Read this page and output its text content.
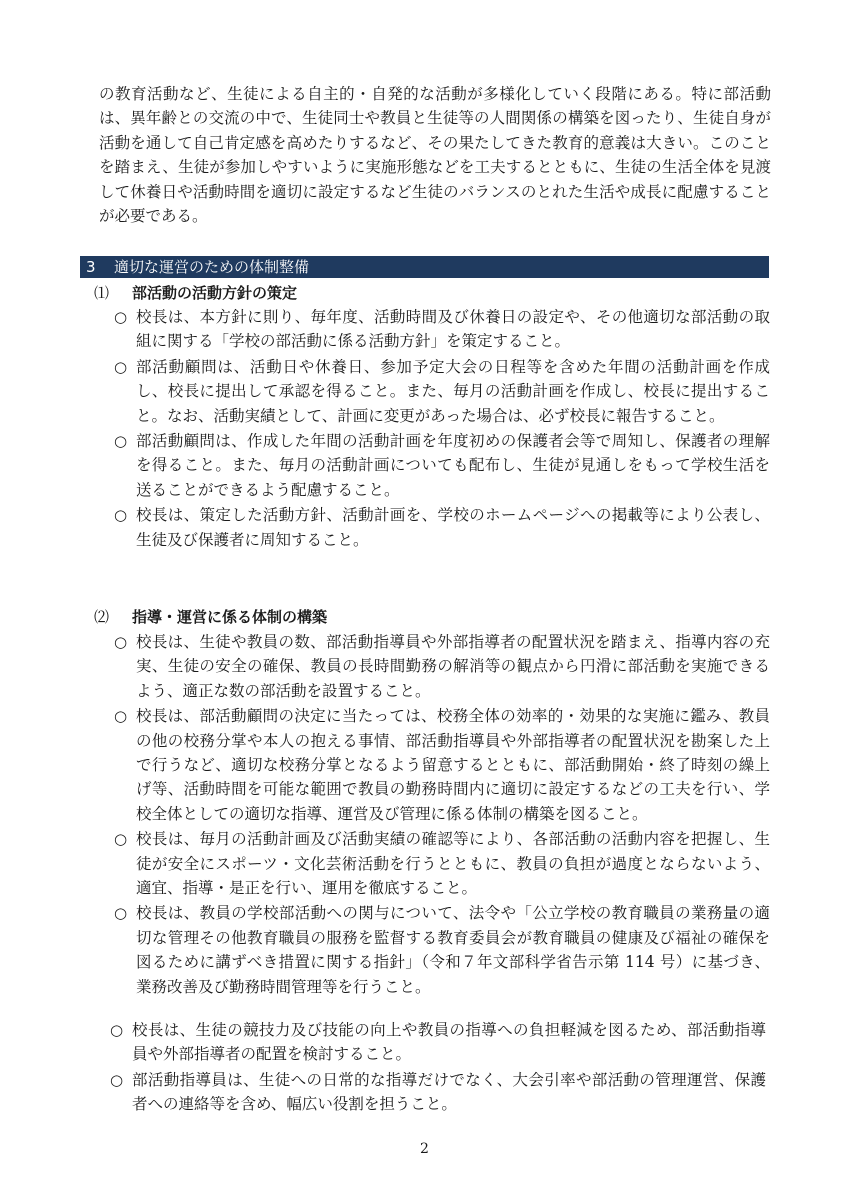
の教育活動など、生徒による自主的・自発的な活動が多様化していく段階にある。特に部活動は、異年齢との交流の中で、生徒同士や教員と生徒等の人間関係の構築を図ったり、生徒自身が活動を通して自己肯定感を高めたりするなど、その果たしてきた教育的意義は大きい。このことを踏まえ、生徒が参加しやすいように実施形態などを工夫するとともに、生徒の生活全体を見渡して休養日や活動時間を適切に設定するなど生徒のバランスのとれた生活や成長に配慮することが必要である。

3 適切な運営のための体制整備
⑴ 部活動の活動方針の策定
○ 校長は、本方針に則り、毎年度、活動時間及び休養日の設定や、その他適切な部活動の取組に関する「学校の部活動に係る活動方針」を策定すること。
○ 部活動顧問は、活動日や休養日、参加予定大会の日程等を含めた年間の活動計画を作成し、校長に提出して承認を得ること。また、毎月の活動計画を作成し、校長に提出すること。なお、活動実績として、計画に変更があった場合は、必ず校長に報告すること。
○ 部活動顧問は、作成した年間の活動計画を年度初めの保護者会等で周知し、保護者の理解を得ること。また、毎月の活動計画についても配布し、生徒が見通しをもって学校生活を送ることができるよう配慮すること。
○ 校長は、策定した活動方針、活動計画を、学校のホームページへの掲載等により公表し、生徒及び保護者に周知すること。
⑵ 指導・運営に係る体制の構築
○ 校長は、生徒や教員の数、部活動指導員や外部指導者の配置状況を踏まえ、指導内容の充実、生徒の安全の確保、教員の長時間勤務の解消等の観点から円滑に部活動を実施できるよう、適正な数の部活動を設置すること。
○ 校長は、部活動顧問の決定に当たっては、校務全体の効率的・効果的な実施に鑑み、教員の他の校務分掌や本人の抱える事情、部活動指導員や外部指導者の配置状況を勘案した上で行うなど、適切な校務分掌となるよう留意するとともに、部活動開始・終了時刻の繰上げ等、活動時間を可能な範囲で教員の勤務時間内に適切に設定するなどの工夫を行い、学校全体としての適切な指導、運営及び管理に係る体制の構築を図ること。
○ 校長は、毎月の活動計画及び活動実績の確認等により、各部活動の活動内容を把握し、生徒が安全にスポーツ・文化芸術活動を行うとともに、教員の負担が過度とならないよう、適宜、指導・是正を行い、運用を徹底すること。
○ 校長は、教員の学校部活動への関与について、法令や「公立学校の教育職員の業務量の適切な管理その他教育職員の服務を監督する教育委員会が教育職員の健康及び福祉の確保を図るために講ずべき措置に関する指針」（令和７年文部科学省告示第 114 号）に基づき、業務改善及び勤務時間管理等を行うこと。
○ 校長は、生徒の競技力及び技能の向上や教員の指導への負担軽減を図るため、部活動指導員や外部指導者の配置を検討すること。
○ 部活動指導員は、生徒への日常的な指導だけでなく、大会引率や部活動の管理運営、保護者への連絡等を含め、幅広い役割を担うこと。
2
